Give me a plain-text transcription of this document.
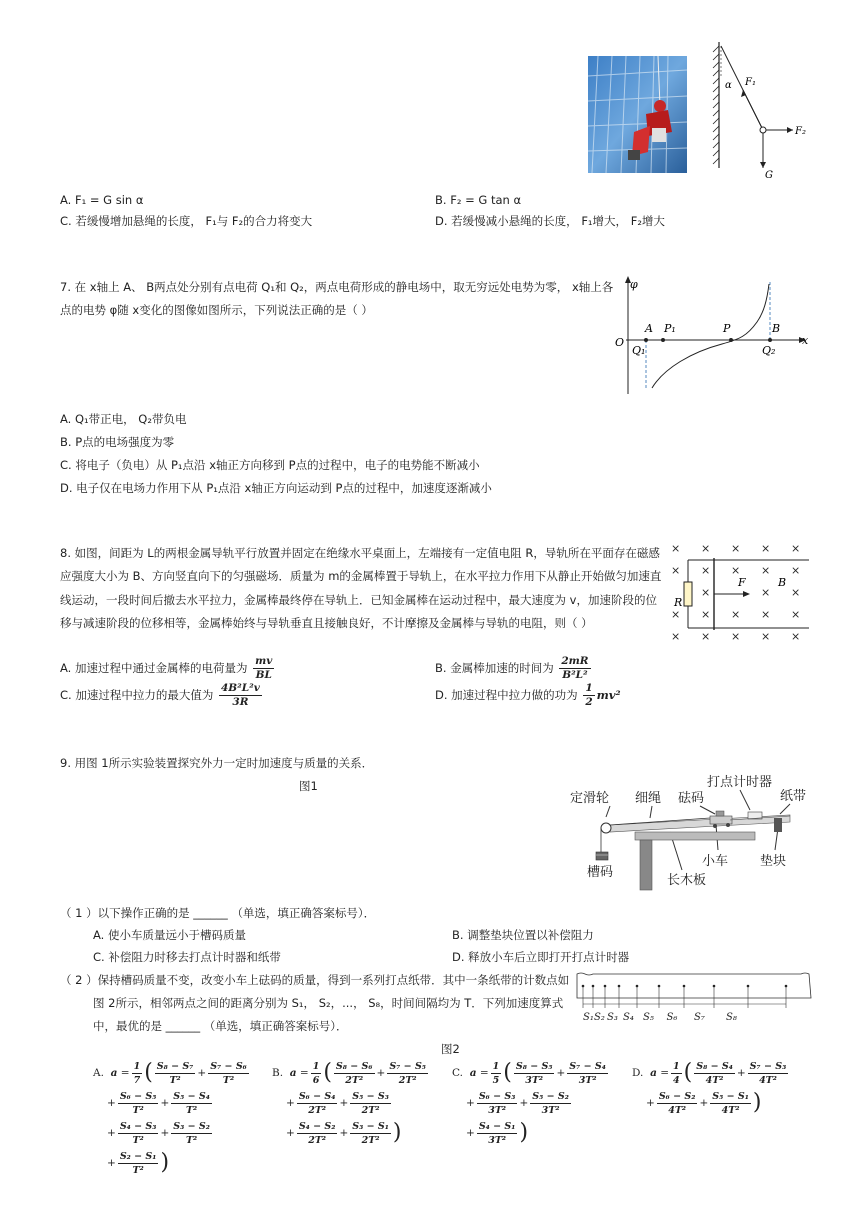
α F₁
F₂
G
A. F₁ = G sin α	B. F₂ = G tan α
C. 若缓慢增加悬绳的长度， F₁与 F₂的合力将变大	D. 若缓慢减小悬绳的长度， F₁增大， F₂增大
7. 在 x轴上 A、 B两点处分别有点电荷 Q₁和 Q₂，两点电荷形成的静电场中，取无穷远处电势为零， x轴上各
点的电势 φ随 x变化的图像如图所示，下列说法正确的是（ ）
φ
x
O
A P₁	P	B
Q₁	Q₂
A. Q₁带正电， Q₂带负电
B. P点的电场强度为零
C. 将电子（负电）从 P₁点沿 x轴正方向移到 P点的过程中，电子的电势能不断减小
D. 电子仅在电场力作用下从 P₁点沿 x轴正方向运动到 P点的过程中，加速度逐渐减小
8. 如图，间距为 L的两根金属导轨平行放置并固定在绝缘水平桌面上，左端接有一定值电阻 R，导轨所在平面存在磁感
应强度大小为 B、方向竖直向下的匀强磁场．质量为 m的金属棒置于导轨上，在水平拉力作用下从静止开始做匀加速直
线运动，一段时间后撤去水平拉力，金属棒最终停在导轨上．已知金属棒在运动过程中，最大速度为 v，加速阶段的位
移与减速阶段的位移相等，金属棒始终与导轨垂直且接触良好，不计摩擦及金属棒与导轨的电阻，则（ ）
× × × × ×
× × × × ×
× × × × ×
×	× ×
× × × × ×
F	B
R
A. 加速过程中通过金属棒的电荷量为 $\frac{mv}{BL}$	B. 金属棒加速的时间为 $\frac{2mR}{\text{B²L²}}$
C. 加速过程中拉力的最大值为 $\frac{\text{4B²L²v}}{3R}$	D. 加速过程中拉力做的功为 $\frac{1}{2} mv^2$
9. 用图 1所示实验装置探究外力一定时加速度与质量的关系．
图1
定滑轮 细绳 砝码
打点计时器
纸带
小车 垫块
槽码
长木板
（ 1 ）以下操作正确的是 ______ （单选，填正确答案标号）．
A. 使小车质量远小于槽码质量	B. 调整垫块位置以补偿阻力
C. 补偿阻力时移去打点计时器和纸带	D. 释放小车后立即打开打点计时器
（ 2 ）保持槽码质量不变，改变小车上砝码的质量，得到一系列打点纸带．其中一条纸带的计数点如
图 2所示，相邻两点之间的距离分别为 S₁， S₂，...， S₈，时间间隔均为 T．下列加速度算式
中，最优的是 ______ （单选，填正确答案标号）．
S₁ S₂ S₃ S₄ S₅ S₆ S₇ S₈
图2
A.  $a = \frac{1}{7}$ ( $\frac{\text{S₈ − S₇}}{\text{T²}} + \frac{\text{S₇ − S₆}}{\text{T²}}$
+ $\frac{\text{S₆ − S₅}}{\text{T²}} + \frac{\text{S₅ − S₄}}{\text{T²}}$
+ $\frac{\text{S₄ − S₃}}{\text{T²}} + \frac{\text{S₃ − S₂}}{\text{T²}}$
+ $\frac{\text{S₂ − S₁}}{\text{T²}}$ )
B.  $a = \frac{1}{6}$ ( $\frac{\text{S₈ − S₆}}{\text{2T²}} + \frac{\text{S₇ − S₅}}{\text{2T²}}$
+ $\frac{\text{S₆ − S₄}}{\text{2T²}} + \frac{\text{S₅ − S₃}}{\text{2T²}}$
+ $\frac{\text{S₄ − S₂}}{\text{2T²}} + \frac{\text{S₃ − S₁}}{\text{2T²}}$ )
C.  $a = \frac{1}{5}$ ( $\frac{\text{S₈ − S₅}}{\text{3T²}} + \frac{\text{S₇ − S₄}}{\text{3T²}}$
+ $\frac{\text{S₆ − S₃}}{\text{3T²}} + \frac{\text{S₅ − S₂}}{\text{3T²}}$
+ $\frac{\text{S₄ − S₁}}{\text{3T²}}$ )
D.  $a = \frac{1}{4}$ ( $\frac{\text{S₈ − S₄}}{\text{4T²}} + \frac{\text{S₇ − S₃}}{\text{4T²}}$
+ $\frac{\text{S₆ − S₂}}{\text{4T²}} + \frac{\text{S₅ − S₁}}{\text{4T²}}$ )
